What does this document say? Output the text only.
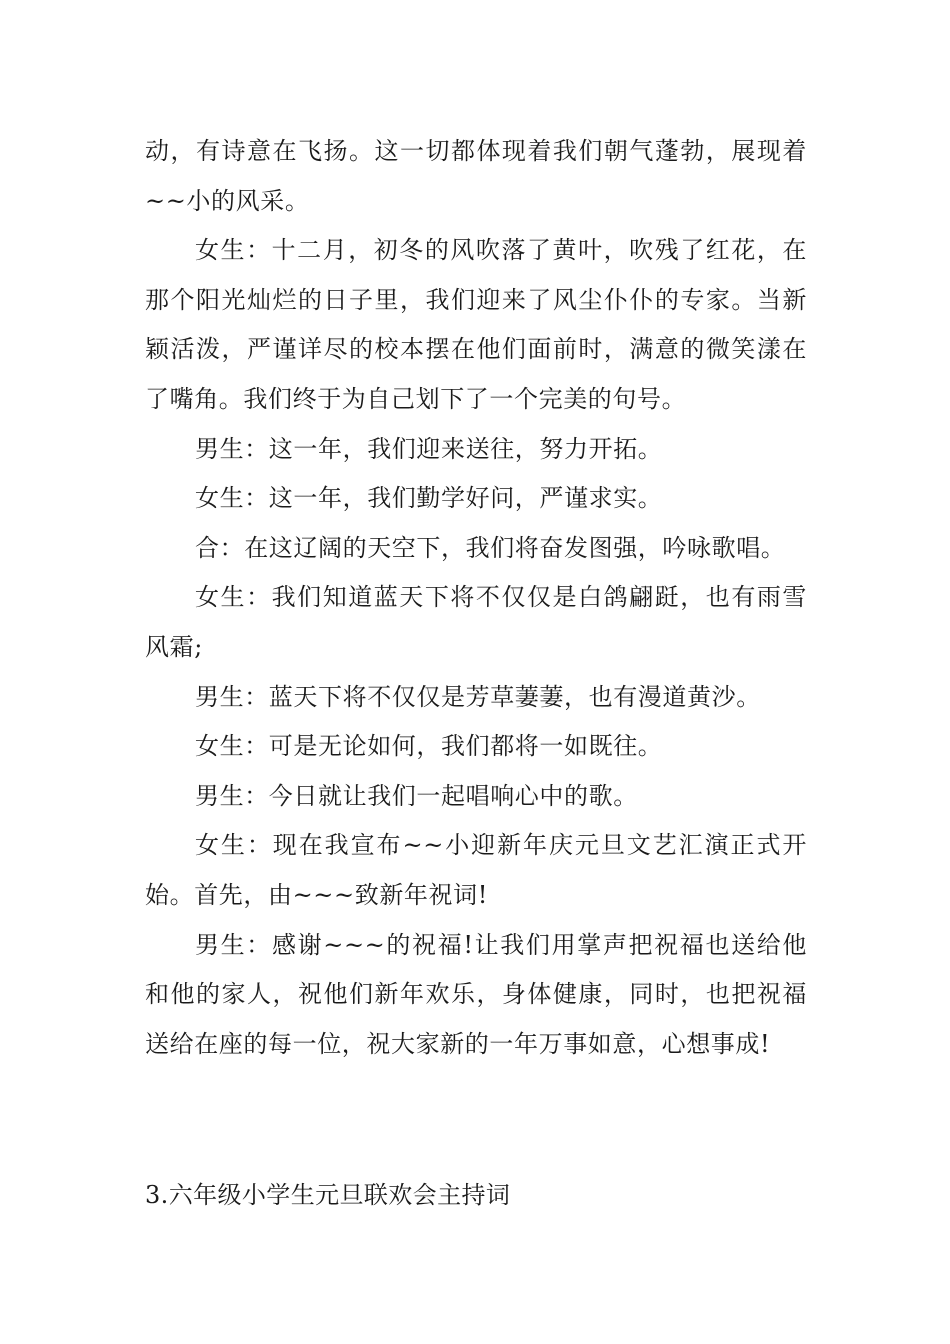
动，有诗意在飞扬。这一切都体现着我们朝气蓬勃，展现着~~小的风采。

女生：十二月，初冬的风吹落了黄叶，吹残了红花，在那个阳光灿烂的日子里，我们迎来了风尘仆仆的专家。当新颖活泼，严谨详尽的校本摆在他们面前时，满意的微笑漾在了嘴角。我们终于为自己划下了一个完美的句号。

男生：这一年，我们迎来送往，努力开拓。

女生：这一年，我们勤学好问，严谨求实。

合：在这辽阔的天空下，我们将奋发图强，吟咏歌唱。

女生：我们知道蓝天下将不仅仅是白鸽翩跹，也有雨雪风霜;

男生：蓝天下将不仅仅是芳草萋萋，也有漫道黄沙。

女生：可是无论如何，我们都将一如既往。

男生：今日就让我们一起唱响心中的歌。

女生：现在我宣布~~小迎新年庆元旦文艺汇演正式开始。首先，由~~~致新年祝词!

男生：感谢~~~的祝福!让我们用掌声把祝福也送给他和他的家人，祝他们新年欢乐，身体健康，同时，也把祝福送给在座的每一位，祝大家新的一年万事如意，心想事成!

3.六年级小学生元旦联欢会主持词
